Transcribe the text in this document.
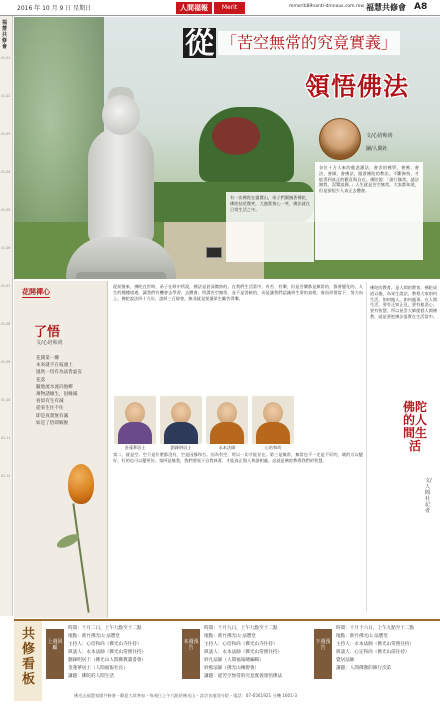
2016 年 10 月 9 日 星期日	人間福報	Merit	mmeriti89nanti-dmnaus.com.mw 福慧共修會 A8
福慧共修會
01-01
01-02
01-03
01-04
01-05
01-06
01-07
01-08
01-09
01-10
01-11
01-12
從 「苦空無常的究竟實義」
領悟佛法
文/心培和尚
圖/人間社
各位十方人來的慈悲護法，會舍的佛學，會佛、會法，會師，會佛法，跟著佛陀的教法，不斷修持，才能得到真正的歡喜與自在。佛陀說：「諸行無常，諸法無我，涅槃寂靜。」人生就是苦空無常，大家都知道，但是卻很少人真正去體會。
有一次佛陀在靈鷲山，弟子們圍繞著佛陀，佛陀拈花微笑，大迦葉會心一笑，佛法就在日常生活之中。
花開禪心
了悟
文/心培和尚
花開第一瓣
本來就不在枝頭上
風吹一切有為法皆虛妄
花落
隨他流水流向他鄉
萬物諸緣生，因緣滅
看似有生有滅
從來生住不住
即是真實無有滅
如是了悟即解脫
從前後來，佛陀在世時，弟子在經中所說，佛法是甚深微妙的。在我們生活當中，有苦、有樂，但是苦樂都是無常的，都會變化的。人生的種種境遇，讓我們有機會去學習、去體會。所謂苦空無常，並不是消極的，而是讓我們認識到生命的真相，進而珍惜當下、努力向上。佛陀說法四十九年，談經三百餘會，無非就是要讓眾生離苦得樂。
金蓮華居士	劉鋒明居士	永本法師	心培和尚
第二，就是空。空不是什麼都沒有，空是因緣和合。因為有空，所以一切才能存在。第三是無常，無常也不一定是不好的，壞的可以變好，好的也可以變更好。第四是無我，我們要放下自我執著，才能真正與人和諧相處。這就是佛陀教導我們的智慧。
佛陀的教育，是人間的教育。佛陀成道以後，為眾生說法，教導大家如何生活，如何做人，如何處事。在人間生活，要有正知正見，要有慈悲心，要有智慧。所以星雲大師提倡人間佛教，就是要把佛法落實在生活當中。
佛陀的人間生活
文/人間社記者
共修看板
上週回顧
時間：十月二日，上午九點至十二點
地點：新竹佛光山 法寶堂
主持人：心培和尚（佛光山寺住持）
與談人：永本法師（佛光山常務住持）
劉鋒明居士（佛光山人間佛教讀書會）
金蓮華居士（人間福報社長）
講題：佛陀的人間生活
本週預告
時間：十月九日，上午九點至十二點
地點：新竹佛光山 法寶堂
主持人：心培和尚（佛光山寺住持）
與談人：永本法師（佛光山常務住持）
妙凡法師（人間福報總編輯）
妙熙法師（佛光山傳燈會）
講題：從苦空無常的究竟實義領悟佛法
下週預告
時間：十月十六日，上午九點至十二點
地點：新竹佛光山 法寶堂
主持人：永本法師（佛光山常務住持）
與談人：心定和尚（佛光山前住持）
覺居法師
講題：人間佛教的修行次第
佛光山福慧家園共修會・歡迎大眾參加・每週日上午九點於佛光山・詳洽各地別分院・電話：07-6561921 分機 1601-3
